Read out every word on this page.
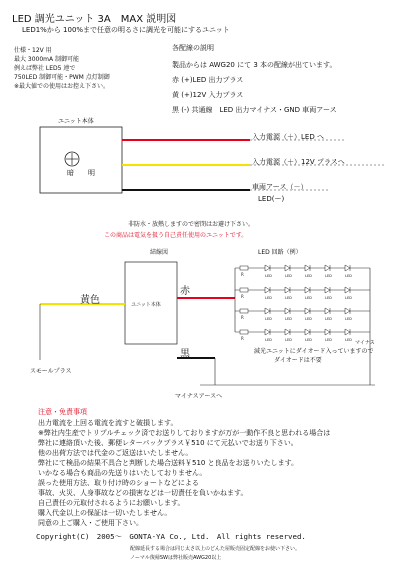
LED 調光ユニット 3A　MAX 説明図
LED1%から 100%まで任意の明るさに調光を可能にするユニット
仕様・12V 用
最大 3000mA 制御可能
例えば弊社 LED5 連で
750LED 制御可能・PWM 点灯制御
※最大値での使用はお控え下さい。
各配線の説明
製品からは AWG20 にて 3 本の配線が出ています。
赤 (+)LED 出力プラス
黄 (+)12V 入力プラス
黒 (-) 共通線　LED 出力マイナス・GND 車両アース
ユニット本体
暗 明
入力電源（＋）LED へ
入力電源（＋）12V プラスへ
車両アース（－）
LED(ー)
非防水・放熱しますので密閉はお避け下さい。
この商品は電気を扱う自己責任使用のユニットです。
R	LED	LED	LED	LED	LED
R	LED	LED	LED	LED	LED
R	LED	LED	LED	LED	LED
R	LED	LED	LED	LED	LED
結線図	LED 回路（例）
ユニット本体
赤
黄色
黒
スモールプラス
マイナス
マイナスアースへ
減光ユニットにダイオード入っていますので
ダイオードは不要
注意・免責事項
出力電流を上回る電流を流すと破損します。
※弊社内生産でトリプルチェック済でお送りしておりますが万が一動作不良と思われる場合は
弊社に連絡頂いた後、郵便レターパックプラス￥510 にて元払いでお送り下さい。
他の出荷方法では代金のご返送はいたしません。
弊社にて検品の結果不具合と判断した場合送料￥510 と良品をお送りいたします。
いかなる場合も商品の先送りはいたしておりません。
誤った使用方法、取り付け時のショートなどによる
事故、火災、人身事故などの損害などは一切責任を負いかねます。
自己責任の元取付されるようにお願いします。
購入代金以上の保証は一切いたしません。
同意の上ご購入・ご使用下さい。
Copyright(C)　2005～　GONTA-YA Co., Ltd.　All rights reserved.
配線延長する場合は同じ太さ以上のどんた屋販売固定配線をお使い下さい。
ノーマル復帰SWは弊社販売AWG20以上
